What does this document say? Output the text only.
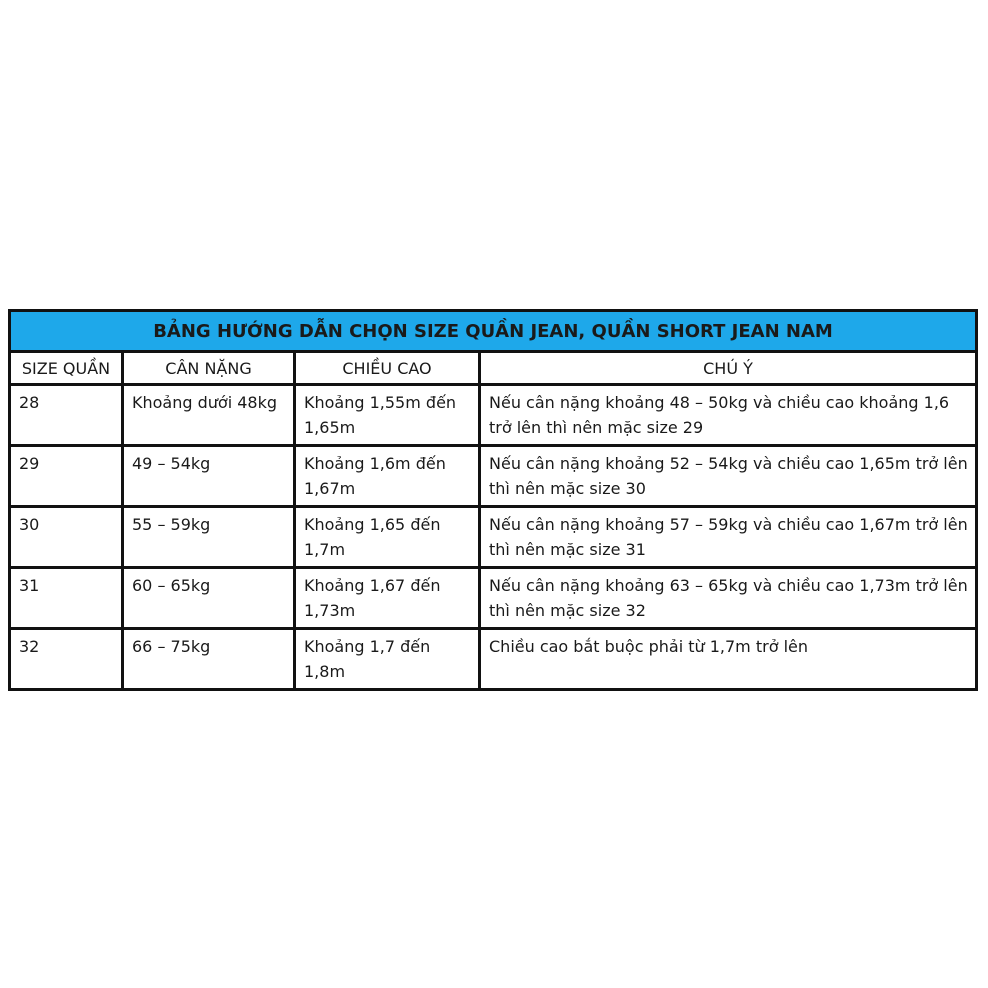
BẢNG HƯỚNG DẪN CHỌN SIZE QUẦN JEAN, QUẦN SHORT JEAN NAM			
SIZE QUẦN	CÂN NẶNG	CHIỀU CAO	CHÚ Ý
28	Khoảng dưới 48kg	Khoảng 1,55m đến 1,65m	Nếu cân nặng khoảng 48 – 50kg và chiều cao khoảng 1,6 trở lên thì nên mặc size 29
29	49 – 54kg	Khoảng 1,6m đến 1,67m	Nếu cân nặng khoảng 52 – 54kg và chiều cao 1,65m trở lên thì nên mặc size 30
30	55 – 59kg	Khoảng 1,65 đến 1,7m	Nếu cân nặng khoảng 57 – 59kg và chiều cao 1,67m trở lên thì nên mặc size 31
31	60 – 65kg	Khoảng 1,67 đến 1,73m	Nếu cân nặng khoảng 63 – 65kg và chiều cao 1,73m trở lên thì nên mặc size 32
32	66 – 75kg	Khoảng 1,7 đến 1,8m	Chiều cao bắt buộc phải từ 1,7m trở lên
